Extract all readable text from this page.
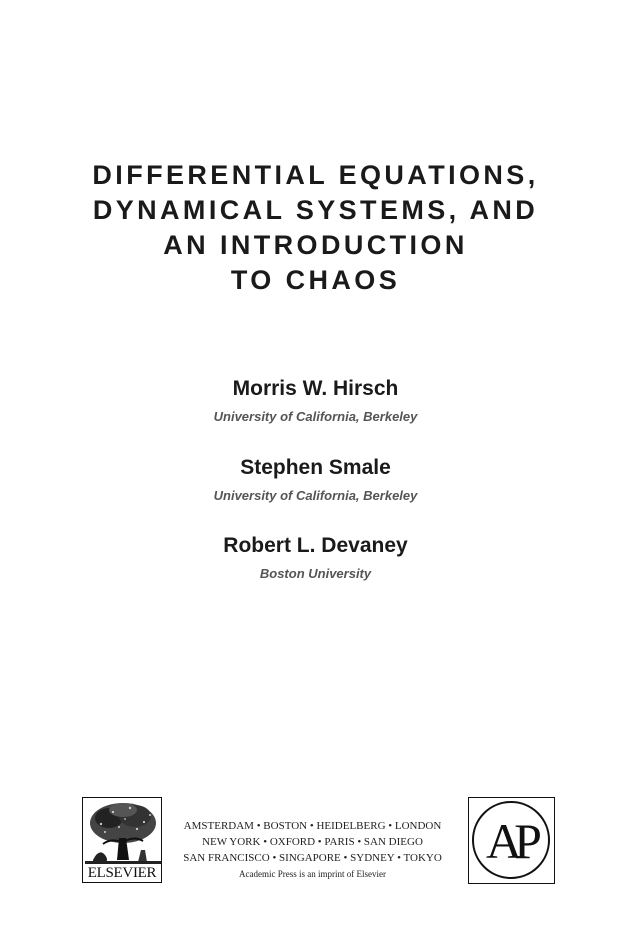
DIFFERENTIAL EQUATIONS,
DYNAMICAL SYSTEMS, AND
AN INTRODUCTION
TO CHAOS
Morris W. Hirsch
University of California, Berkeley
Stephen Smale
University of California, Berkeley
Robert L. Devaney
Boston University
ELSEVIER
AMSTERDAM • BOSTON • HEIDELBERG • LONDON
NEW YORK • OXFORD • PARIS • SAN DIEGO
SAN FRANCISCO • SINGAPORE • SYDNEY • TOKYO
Academic Press is an imprint of Elsevier
AP
